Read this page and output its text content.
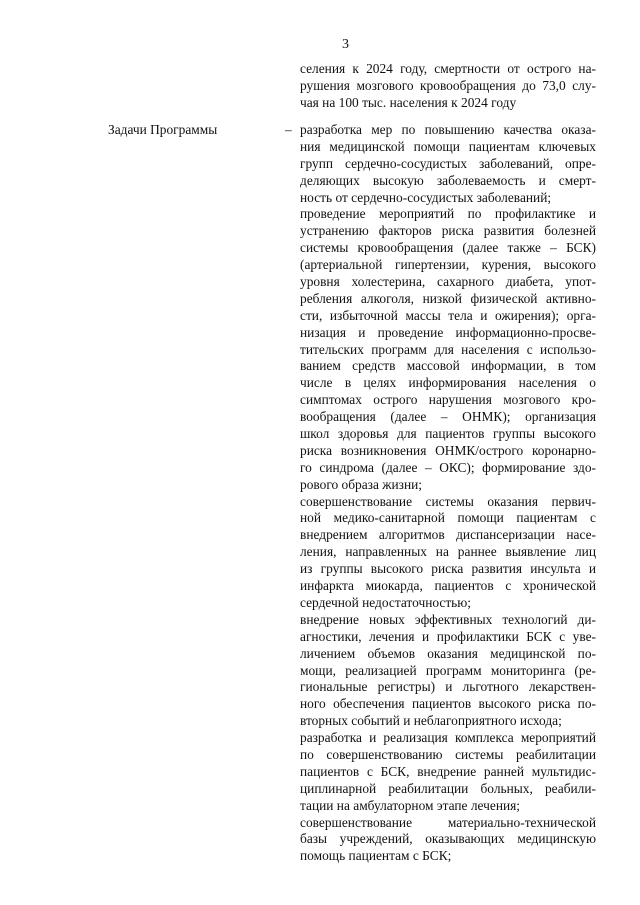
3
селения к 2024 году, смертности от острого на-
рушения мозгового кровообращения до 73,0 слу-
чая на 100 тыс. населения к 2024 году
Задачи Программы	– разработка мер по повышению качества оказа-
ния медицинской помощи пациентам ключевых
групп сердечно-сосудистых заболеваний, опре-
деляющих высокую заболеваемость и смерт-
ность от сердечно-сосудистых заболеваний;
проведение мероприятий по профилактике и
устранению факторов риска развития болезней
системы кровообращения (далее также – БСК)
(артериальной гипертензии, курения, высокого
уровня холестерина, сахарного диабета, упот-
ребления алкоголя, низкой физической активно-
сти, избыточной массы тела и ожирения); орга-
низация и проведение информационно-просве-
тительских программ для населения с использо-
ванием средств массовой информации, в том
числе в целях информирования населения о
симптомах острого нарушения мозгового кро-
вообращения (далее – ОНМК); организация
школ здоровья для пациентов группы высокого
риска возникновения ОНМК/острого коронарно-
го синдрома (далее – ОКС); формирование здо-
рового образа жизни;
совершенствование системы оказания первич-
ной медико-санитарной помощи пациентам с
внедрением алгоритмов диспансеризации насе-
ления, направленных на раннее выявление лиц
из группы высокого риска развития инсульта и
инфаркта миокарда, пациентов с хронической
сердечной недостаточностью;
внедрение новых эффективных технологий ди-
агностики, лечения и профилактики БСК с уве-
личением объемов оказания медицинской по-
мощи, реализацией программ мониторинга (ре-
гиональные регистры) и льготного лекарствен-
ного обеспечения пациентов высокого риска по-
вторных событий и неблагоприятного исхода;
разработка и реализация комплекса мероприятий
по совершенствованию системы реабилитации
пациентов с БСК, внедрение ранней мультидис-
циплинарной реабилитации больных, реабили-
тации на амбулаторном этапе лечения;
совершенствование материально-технической
базы учреждений, оказывающих медицинскую
помощь пациентам с БСК;
